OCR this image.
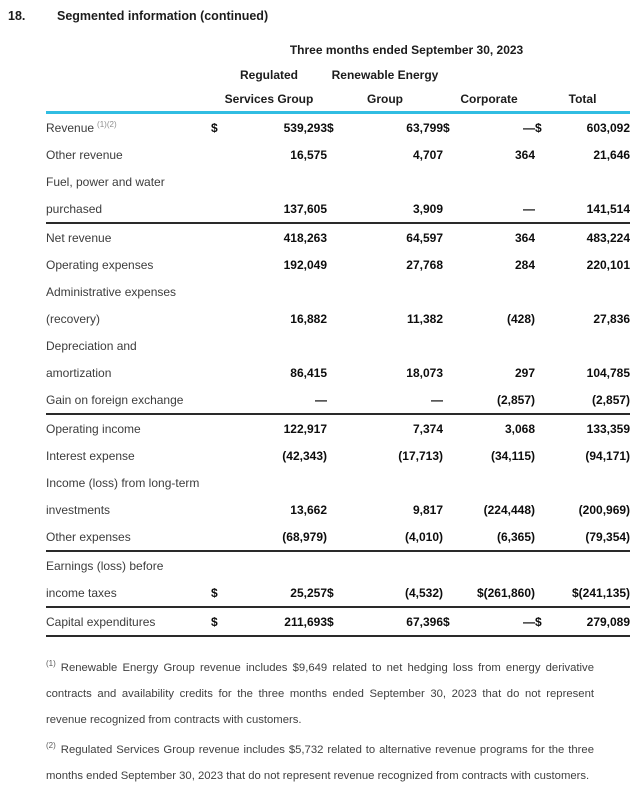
18.	Segmented information (continued)
	Three months ended September 30, 2023							
	Regulated		Renewable Energy					
	Services Group		Group		Corporate		Total	
Revenue $^{(1)(2)}$	$	539,293	$	63,799	$	—	$	603,092
Other revenue		16,575		4,707		364		21,646
Fuel, power and water								
purchased		137,605		3,909		—		141,514
Net revenue		418,263		64,597		364		483,224
Operating expenses		192,049		27,768		284		220,101
Administrative expenses								
(recovery)		16,882		11,382		(428)		27,836
Depreciation and								
amortization		86,415		18,073		297		104,785
Gain on foreign exchange		—		—		(2,857)		(2,857)
Operating income		122,917		7,374		3,068		133,359
Interest expense		(42,343)		(17,713)		(34,115)		(94,171)
Income (loss) from long-term								
investments		13,662		9,817		(224,448)		(200,969)
Other expenses		(68,979)		(4,010)		(6,365)		(79,354)
Earnings (loss) before								
income taxes	$	25,257	$	(4,532)		$(261,860)		$(241,135)
Capital expenditures	$	211,693	$	67,396	$	—	$	279,089

$^{(1)}$ Renewable Energy Group revenue includes $9,649 related to net hedging loss from energy derivative contracts and availability credits for the three months ended September 30, 2023 that do not represent revenue recognized from contracts with customers.

$^{(2)}$ Regulated Services Group revenue includes $5,732 related to alternative revenue programs for the three months ended September 30, 2023 that do not represent revenue recognized from contracts with customers.
